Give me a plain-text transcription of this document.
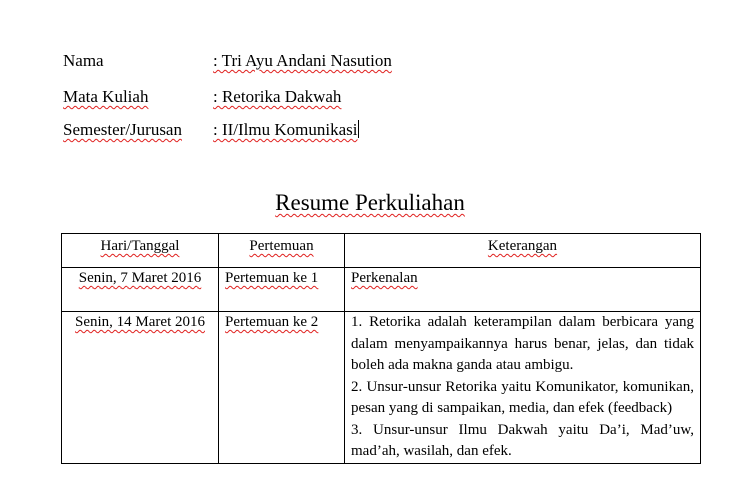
Nama	: Tri Ayu Andani Nasution
Mata Kuliah	: Retorika Dakwah
Semester/Jurusan : II/Ilmu Komunikasi
Resume Perkuliahan
Hari/Tanggal	Pertemuan	Keterangan
Senin, 7 Maret 2016	Pertemuan ke 1	Perkenalan
Senin, 14 Maret 2016	Pertemuan ke 2	1. Retorika adalah keterampilan dalam berbicara yang dalam menyampaikannya harus benar, jelas, dan tidak boleh ada makna ganda atau ambigu.
2. Unsur-unsur Retorika yaitu Komunikator, komunikan, pesan yang di sampaikan, media, dan efek (feedback)
3. Unsur-unsur Ilmu Dakwah yaitu Da’i, Mad’uw, mad’ah, wasilah, dan efek.
